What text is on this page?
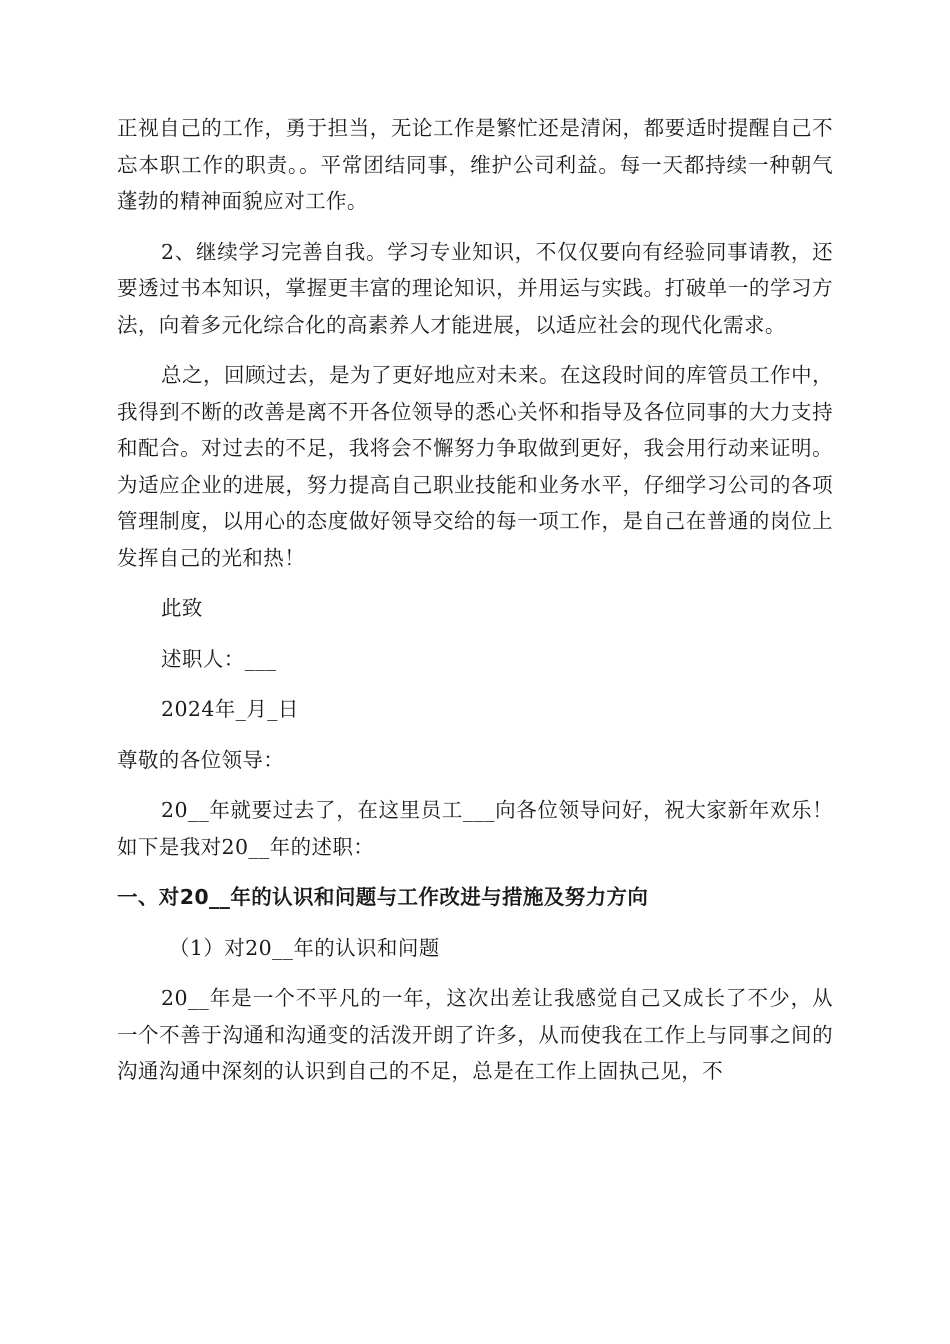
正视自己的工作，勇于担当，无论工作是繁忙还是清闲，都要适时提醒自己不忘本职工作的职责。。平常团结同事，维护公司利益。每一天都持续一种朝气蓬勃的精神面貌应对工作。

2、继续学习完善自我。学习专业知识，不仅仅要向有经验同事请教，还要透过书本知识，掌握更丰富的理论知识，并用运与实践。打破单一的学习方法，向着多元化综合化的高素养人才能进展，以适应社会的现代化需求。

总之，回顾过去，是为了更好地应对未来。在这段时间的库管员工作中，我得到不断的改善是离不开各位领导的悉心关怀和指导及各位同事的大力支持和配合。对过去的不足，我将会不懈努力争取做到更好，我会用行动来证明。为适应企业的进展，努力提高自己职业技能和业务水平，仔细学习公司的各项管理制度，以用心的态度做好领导交给的每一项工作，是自己在普通的岗位上发挥自己的光和热！

此致

述职人：___

2024年_月_日

尊敬的各位领导：

20__年就要过去了，在这里员工___向各位领导问好，祝大家新年欢乐！如下是我对20__年的述职：

一、对20__年的认识和问题与工作改进与措施及努力方向

（1）对20__年的认识和问题

20__年是一个不平凡的一年，这次出差让我感觉自己又成长了不少，从一个不善于沟通和沟通变的活泼开朗了许多，从而使我在工作上与同事之间的沟通沟通中深刻的认识到自己的不足，总是在工作上固执己见，不
